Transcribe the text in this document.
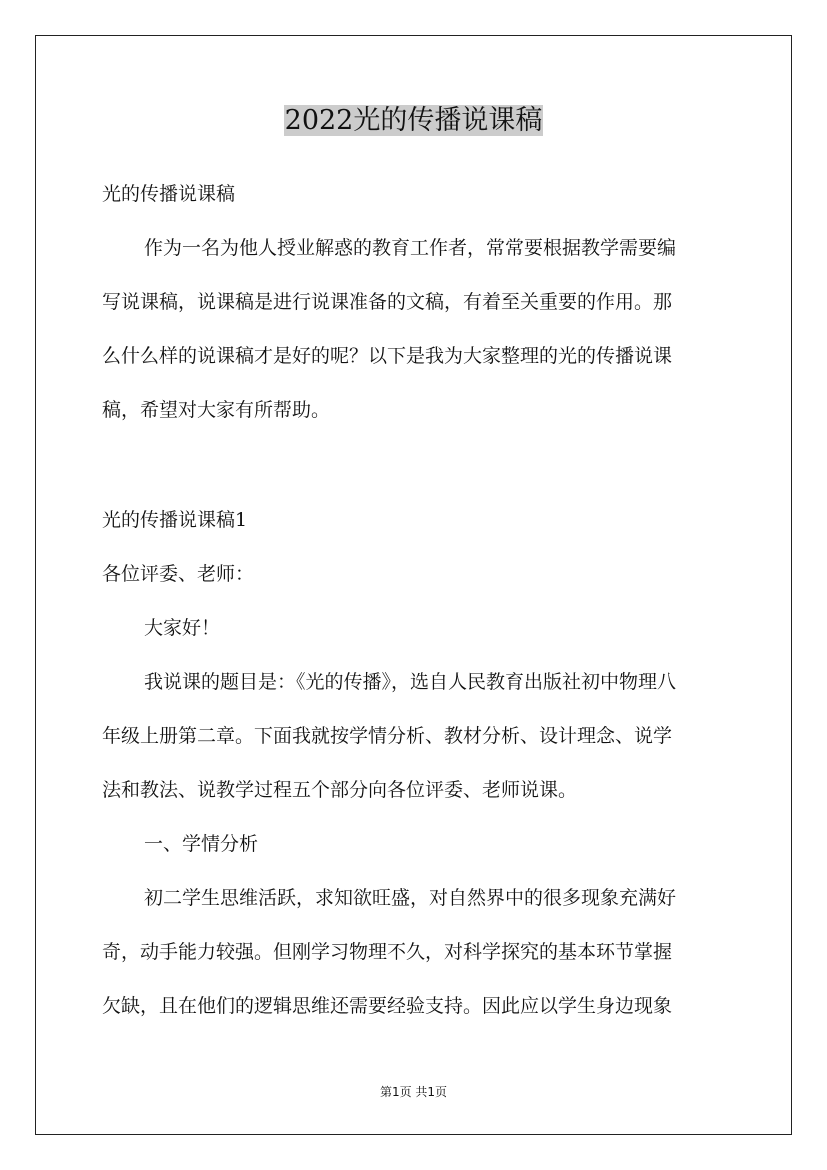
2022光的传播说课稿
光的传播说课稿
作为一名为他人授业解惑的教育工作者，常常要根据教学需要编
写说课稿，说课稿是进行说课准备的文稿，有着至关重要的作用。那
么什么样的说课稿才是好的呢？以下是我为大家整理的光的传播说课
稿，希望对大家有所帮助。
光的传播说课稿1
各位评委、老师：
大家好！
我说课的题目是：《光的传播》，选自人民教育出版社初中物理八
年级上册第二章。下面我就按学情分析、教材分析、设计理念、说学
法和教法、说教学过程五个部分向各位评委、老师说课。
一、学情分析
初二学生思维活跃，求知欲旺盛，对自然界中的很多现象充满好
奇，动手能力较强。但刚学习物理不久，对科学探究的基本环节掌握
欠缺，且在他们的逻辑思维还需要经验支持。因此应以学生身边现象
第1页 共1页
